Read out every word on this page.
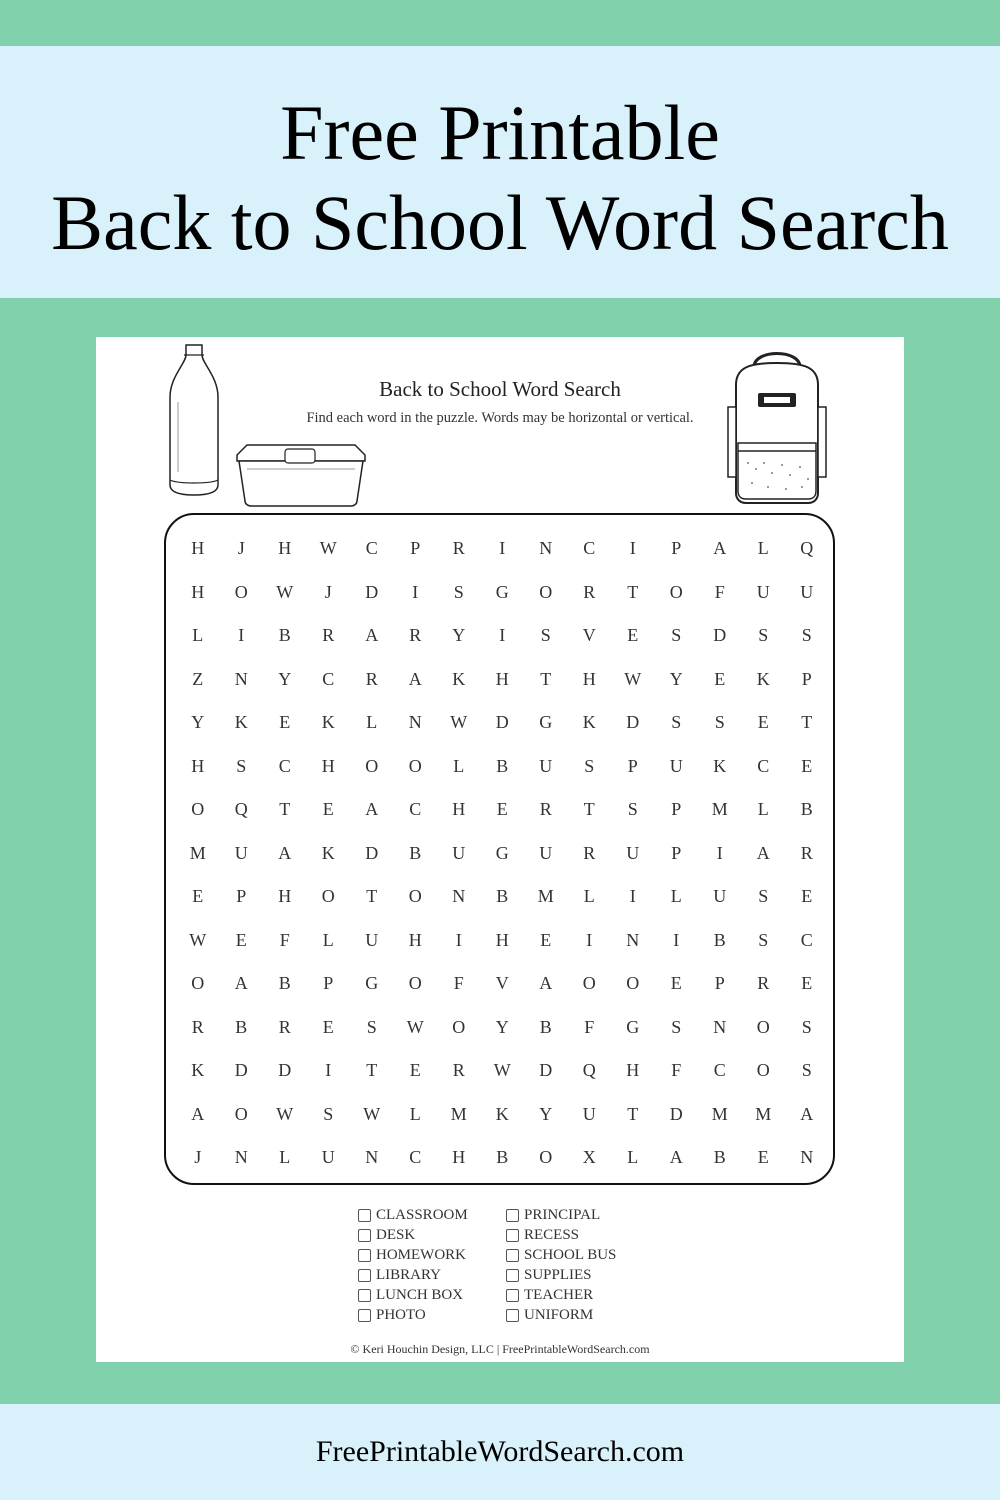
Free Printable
Back to School Word Search
Back to School Word Search
Find each word in the puzzle. Words may be horizontal or vertical.
H	J	H	W	C	P	R	I	N	C	I	P	A	L	Q
H	O	W	J	D	I	S	G	O	R	T	O	F	U	U
L	I	B	R	A	R	Y	I	S	V	E	S	D	S	S
Z	N	Y	C	R	A	K	H	T	H	W	Y	E	K	P
Y	K	E	K	L	N	W	D	G	K	D	S	S	E	T
H	S	C	H	O	O	L	B	U	S	P	U	K	C	E
O	Q	T	E	A	C	H	E	R	T	S	P	M	L	B
M	U	A	K	D	B	U	G	U	R	U	P	I	A	R
E	P	H	O	T	O	N	B	M	L	I	L	U	S	E
W	E	F	L	U	H	I	H	E	I	N	I	B	S	C
O	A	B	P	G	O	F	V	A	O	O	E	P	R	E
R	B	R	E	S	W	O	Y	B	F	G	S	N	O	S
K	D	D	I	T	E	R	W	D	Q	H	F	C	O	S
A	O	W	S	W	L	M	K	Y	U	T	D	M	M	A
J	N	L	U	N	C	H	B	O	X	L	A	B	E	N
CLASSROOM
DESK
HOMEWORK
LIBRARY
LUNCH BOX
PHOTO
PRINCIPAL
RECESS
SCHOOL BUS
SUPPLIES
TEACHER
UNIFORM
© Keri Houchin Design, LLC | FreePrintableWordSearch.com
FreePrintableWordSearch.com
